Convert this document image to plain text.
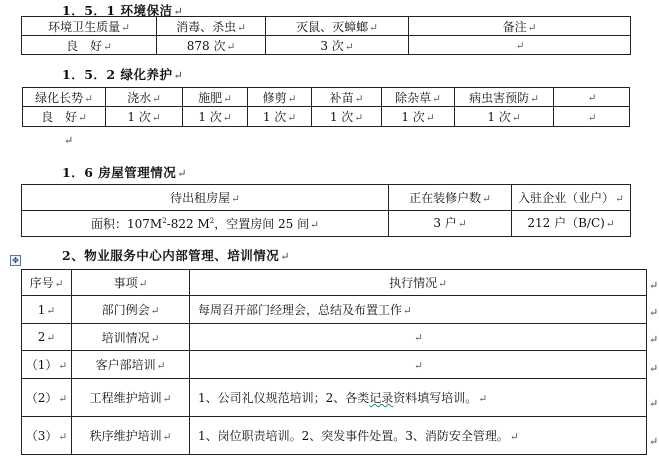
1．5．1 环境保洁↵
环境卫生质量↵	消毒、杀虫↵	灭鼠、灭蟑螂↵	备注↵
良　好↵	878 次↵	3 次↵	↵
1．5．2 绿化养护↵
绿化长势↵	浇水↵	施肥↵	修剪↵	补苗↵	除杂草↵	病虫害预防↵	↵
良　好↵	1 次↵	1 次↵	1 次↵	1 次↵	1 次↵	1 次↵	↵
↵
1．6 房屋管理情况↵
待出租房屋↵	正在装修户数↵	入驻企业（业户）↵
面积：$107M^2-822$ $M^2$，空置房间 25 间↵	3 户↵	212 户（B/C)↵
✥	2、物业服务中心内部管理、培训情况↵
序号↵	事项↵	执行情况↵
1↵	部门例会↵	每周召开部门经理会，总结及布置工作↵
2↵	培训情况↵	↵
（1）↵	客户部培训↵	↵
（2）↵	工程维护培训↵	1、公司礼仪规范培训；2、各类记录资料填写培训。↵
（3）↵	秩序维护培训↵	1、岗位职责培训。2、突发事件处置。3、消防安全管理。↵
↵
↵
↵
↵
↵
↵
